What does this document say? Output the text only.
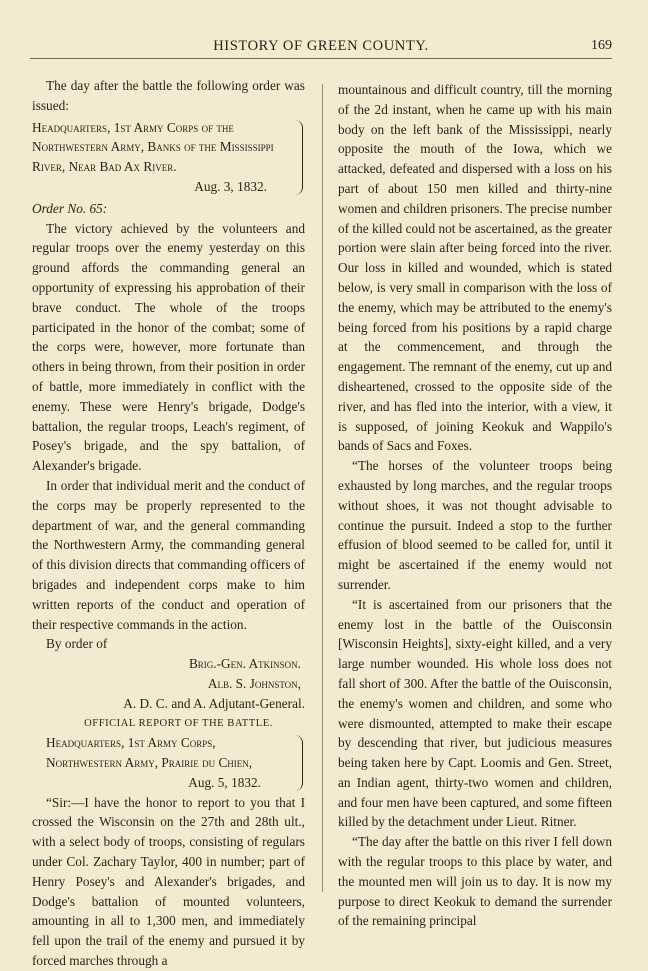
HISTORY OF GREEN COUNTY.	169

The day after the battle the following order was issued:

Headquarters, 1st Army Corps of the Northwestern Army, Banks of the Mississippi River, Near Bad Ax River.

Aug. 3, 1832.

Order No. 65:

The victory achieved by the volunteers and regular troops over the enemy yesterday on this ground affords the commanding general an opportunity of expressing his approbation of their brave conduct. The whole of the troops participated in the honor of the combat; some of the corps were, however, more fortunate than others in being thrown, from their position in order of battle, more immediately in conflict with the enemy. These were Henry's brigade, Dodge's battalion, the regular troops, Leach's regiment, of Posey's brigade, and the spy battalion, of Alexander's brigade.

In order that individual merit and the conduct of the corps may be properly represented to the department of war, and the general commanding the Northwestern Army, the commanding general of this division directs that commanding officers of brigades and independent corps make to him written reports of the conduct and operation of their respective commands in the action.

By order of

Brig.-Gen. Atkinson.

Alb. S. Johnston,

A. D. C. and A. Adjutant-General.

OFFICIAL REPORT OF THE BATTLE.

Headquarters, 1st Army Corps, Northwestern Army, Prairie du Chien,

Aug. 5, 1832.

“Sir:—I have the honor to report to you that I crossed the Wisconsin on the 27th and 28th ult., with a select body of troops, consisting of regulars under Col. Zachary Taylor, 400 in number; part of Henry Posey's and Alexander's brigades, and Dodge's battalion of mounted volunteers, amounting in all to 1,300 men, and immediately fell upon the trail of the enemy and pursued it by forced marches through a

mountainous and difficult country, till the morning of the 2d instant, when he came up with his main body on the left bank of the Mississippi, nearly opposite the mouth of the Iowa, which we attacked, defeated and dispersed with a loss on his part of about 150 men killed and thirty-nine women and children prisoners. The precise number of the killed could not be ascertained, as the greater portion were slain after being forced into the river. Our loss in killed and wounded, which is stated below, is very small in comparison with the loss of the enemy, which may be attributed to the enemy's being forced from his positions by a rapid charge at the commencement, and through the engagement. The remnant of the enemy, cut up and disheartened, crossed to the opposite side of the river, and has fled into the interior, with a view, it is supposed, of joining Keokuk and Wappilo's bands of Sacs and Foxes.

“The horses of the volunteer troops being exhausted by long marches, and the regular troops without shoes, it was not thought advisable to continue the pursuit. Indeed a stop to the further effusion of blood seemed to be called for, until it might be ascertained if the enemy would not surrender.

“It is ascertained from our prisoners that the enemy lost in the battle of the Ouisconsin [Wisconsin Heights], sixty-eight killed, and a very large number wounded. His whole loss does not fall short of 300. After the battle of the Ouisconsin, the enemy's women and children, and some who were dismounted, attempted to make their escape by descending that river, but judicious measures being taken here by Capt. Loomis and Gen. Street, an Indian agent, thirty-two women and children, and four men have been captured, and some fifteen killed by the detachment under Lieut. Ritner.

“The day after the battle on this river I fell down with the regular troops to this place by water, and the mounted men will join us to day. It is now my purpose to direct Keokuk to demand the surrender of the remaining principal
